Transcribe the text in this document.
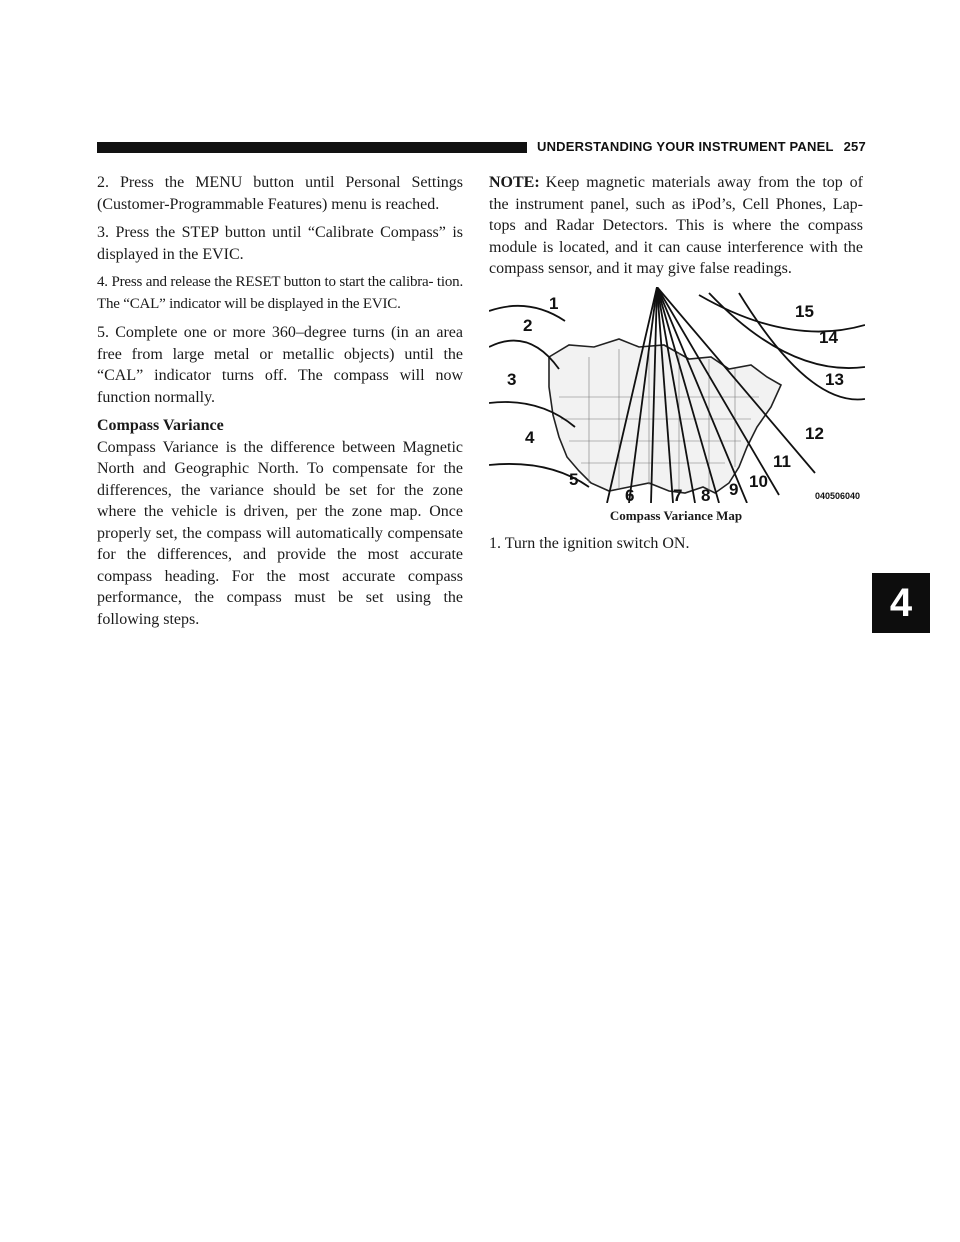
UNDERSTANDING YOUR INSTRUMENT PANEL 257
4

2. Press the MENU button until Personal Settings (Customer-Programmable Features) menu is reached.

3. Press the STEP button until “Calibrate Compass” is displayed in the EVIC.

4. Press and release the RESET button to start the calibra- tion. The “CAL” indicator will be displayed in the EVIC.

5. Complete one or more 360–degree turns (in an area free from large metal or metallic objects) until the “CAL” indicator turns off. The compass will now function normally.

Compass Variance

Compass Variance is the difference between Magnetic North and Geographic North. To compensate for the differences, the variance should be set for the zone where the vehicle is driven, per the zone map. Once properly set, the compass will automatically compensate for the differences, and provide the most accurate compass heading. For the most accurate compass performance, the compass must be set using the following steps.

NOTE: Keep magnetic materials away from the top of the instrument panel, such as iPod’s, Cell Phones, Lap- tops and Radar Detectors. This is where the compass module is located, and it can cause interference with the compass sensor, and it may give false readings.

1
2
3
4
5
6 7 8 9 10
11
12
13
14
15
040506040

Compass Variance Map

1. Turn the ignition switch ON.
